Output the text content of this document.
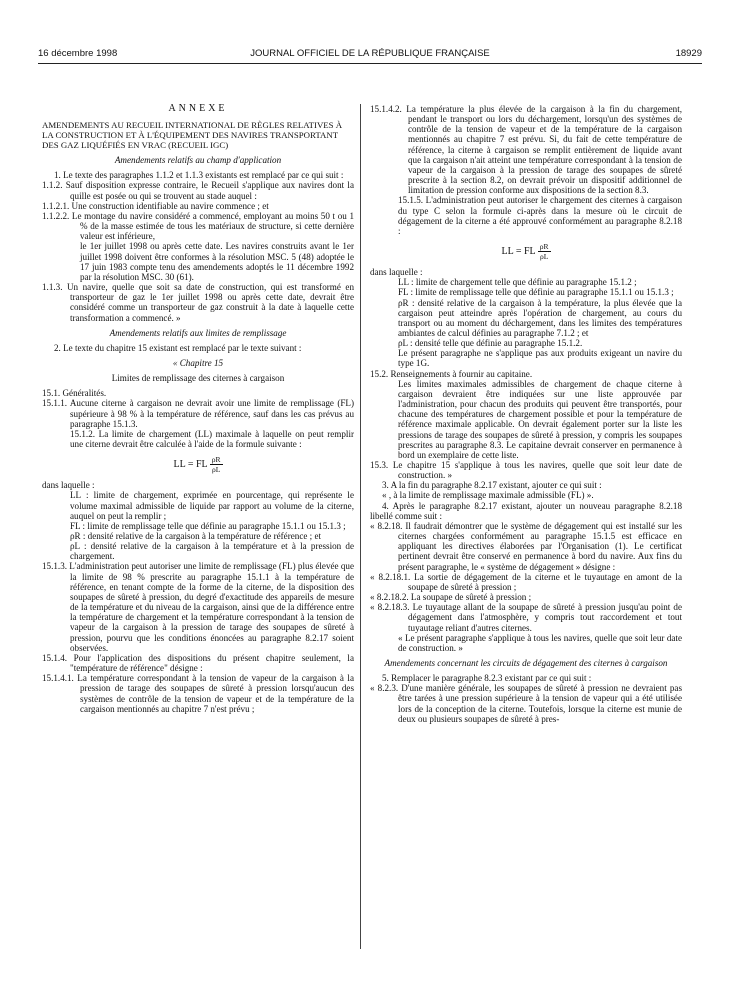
16 décembre 1998	JOURNAL OFFICIEL DE LA RÉPUBLIQUE FRANÇAISE	18929
ANNEXE

AMENDEMENTS AU RECUEIL INTERNATIONAL DE RÈGLES RELATIVES À LA CONSTRUCTION ET À L'ÉQUIPEMENT DES NAVIRES TRANSPORTANT DES GAZ LIQUÉFIÉS EN VRAC (RECUEIL IGC)

Amendements relatifs au champ d'application

1. Le texte des paragraphes 1.1.2 et 1.1.3 existants est remplacé par ce qui suit :

1.1.2. Sauf disposition expresse contraire, le Recueil s'applique aux navires dont la quille est posée ou qui se trouvent au stade auquel :

1.1.2.1. Une construction identifiable au navire commence ; et

1.1.2.2. Le montage du navire considéré a commencé, employant au moins 50 t ou 1 % de la masse estimée de tous les matériaux de structure, si cette dernière valeur est inférieure,

le 1er juillet 1998 ou après cette date. Les navires construits avant le 1er juillet 1998 doivent être conformes à la résolution MSC. 5 (48) adoptée le 17 juin 1983 compte tenu des amendements adoptés le 11 décembre 1992 par la résolution MSC. 30 (61).

1.1.3. Un navire, quelle que soit sa date de construction, qui est transformé en transporteur de gaz le 1er juillet 1998 ou après cette date, devrait être considéré comme un transporteur de gaz construit à la date à laquelle cette transformation a commencé. »

Amendements relatifs aux limites de remplissage

2. Le texte du chapitre 15 existant est remplacé par le texte suivant :

« Chapitre 15

Limites de remplissage des citernes à cargaison

15.1. Généralités.

15.1.1. Aucune citerne à cargaison ne devrait avoir une limite de remplissage (FL) supérieure à 98 % à la température de référence, sauf dans les cas prévus au paragraphe 15.1.3.

15.1.2. La limite de chargement (LL) maximale à laquelle on peut remplir une citerne devrait être calculée à l'aide de la formule suivante :

LL = FL $\frac{\rho R}{\rho L}$

dans laquelle :

LL : limite de chargement, exprimée en pourcentage, qui représente le volume maximal admissible de liquide par rapport au volume de la citerne, auquel on peut la remplir ;

FL : limite de remplissage telle que définie au paragraphe 15.1.1 ou 15.1.3 ;

ρR : densité relative de la cargaison à la température de référence ; et

ρL : densité relative de la cargaison à la température et à la pression de chargement.

15.1.3. L'administration peut autoriser une limite de remplissage (FL) plus élevée que la limite de 98 % prescrite au paragraphe 15.1.1 à la température de référence, en tenant compte de la forme de la citerne, de la disposition des soupapes de sûreté à pression, du degré d'exactitude des appareils de mesure de la température et du niveau de la cargaison, ainsi que de la différence entre la température de chargement et la température correspondant à la tension de vapeur de la cargaison à la pression de tarage des soupapes de sûreté à pression, pourvu que les conditions énoncées au paragraphe 8.2.17 soient observées.

15.1.4. Pour l'application des dispositions du présent chapitre seulement, la "température de référence" désigne :

15.1.4.1. La température correspondant à la tension de vapeur de la cargaison à la pression de tarage des soupapes de sûreté à pression lorsqu'aucun des systèmes de contrôle de la tension de vapeur et de la température de la cargaison mentionnés au chapitre 7 n'est prévu ;

15.1.4.2. La température la plus élevée de la cargaison à la fin du chargement, pendant le transport ou lors du déchargement, lorsqu'un des systèmes de contrôle de la tension de vapeur et de la température de la cargaison mentionnés au chapitre 7 est prévu. Si, du fait de cette température de référence, la citerne à cargaison se remplit entièrement de liquide avant que la cargaison n'ait atteint une température correspondant à la tension de vapeur de la cargaison à la pression de tarage des soupapes de sûreté prescrite à la section 8.2, on devrait prévoir un dispositif additionnel de limitation de pression conforme aux dispositions de la section 8.3.

15.1.5. L'administration peut autoriser le chargement des citernes à cargaison du type C selon la formule ci-après dans la mesure où le circuit de dégagement de la citerne a été approuvé conformément au paragraphe 8.2.18 :

LL = FL $\frac{\rho R}{\rho L}$

dans laquelle :

LL : limite de chargement telle que définie au paragraphe 15.1.2 ;

FL : limite de remplissage telle que définie au paragraphe 15.1.1 ou 15.1.3 ;

ρR : densité relative de la cargaison à la température, la plus élevée que la cargaison peut atteindre après l'opération de chargement, au cours du transport ou au moment du déchargement, dans les limites des températures ambiantes de calcul définies au paragraphe 7.1.2 ; et

ρL : densité telle que définie au paragraphe 15.1.2.

Le présent paragraphe ne s'applique pas aux produits exigeant un navire du type 1G.

15.2. Renseignements à fournir au capitaine.

Les limites maximales admissibles de chargement de chaque citerne à cargaison devraient être indiquées sur une liste approuvée par l'administration, pour chacun des produits qui peuvent être transportés, pour chacune des températures de chargement possible et pour la température de référence maximale applicable. On devrait également porter sur la liste les pressions de tarage des soupapes de sûreté à pression, y compris les soupapes prescrites au paragraphe 8.3. Le capitaine devrait conserver en permanence à bord un exemplaire de cette liste.

15.3. Le chapitre 15 s'applique à tous les navires, quelle que soit leur date de construction. »

3. A la fin du paragraphe 8.2.17 existant, ajouter ce qui suit :

« , à la limite de remplissage maximale admissible (FL) ».

4. Après le paragraphe 8.2.17 existant, ajouter un nouveau paragraphe 8.2.18 libellé comme suit :

« 8.2.18. Il faudrait démontrer que le système de dégagement qui est installé sur les citernes chargées conformément au paragraphe 15.1.5 est efficace en appliquant les directives élaborées par l'Organisation (1). Le certificat pertinent devrait être conservé en permanence à bord du navire. Aux fins du présent paragraphe, le « système de dégagement » désigne :

« 8.2.18.1. La sortie de dégagement de la citerne et le tuyautage en amont de la soupape de sûreté à pression ;

« 8.2.18.2. La soupape de sûreté à pression ;

« 8.2.18.3. Le tuyautage allant de la soupape de sûreté à pression jusqu'au point de dégagement dans l'atmosphère, y compris tout raccordement et tout tuyautage reliant d'autres citernes.

« Le présent paragraphe s'applique à tous les navires, quelle que soit leur date de construction. »

Amendements concernant les circuits de dégagement des citernes à cargaison

5. Remplacer le paragraphe 8.2.3 existant par ce qui suit :

« 8.2.3. D'une manière générale, les soupapes de sûreté à pression ne devraient pas être tarées à une pression supérieure à la tension de vapeur qui a été utilisée lors de la conception de la citerne. Toutefois, lorsque la citerne est munie de deux ou plusieurs soupapes de sûreté à pres-
